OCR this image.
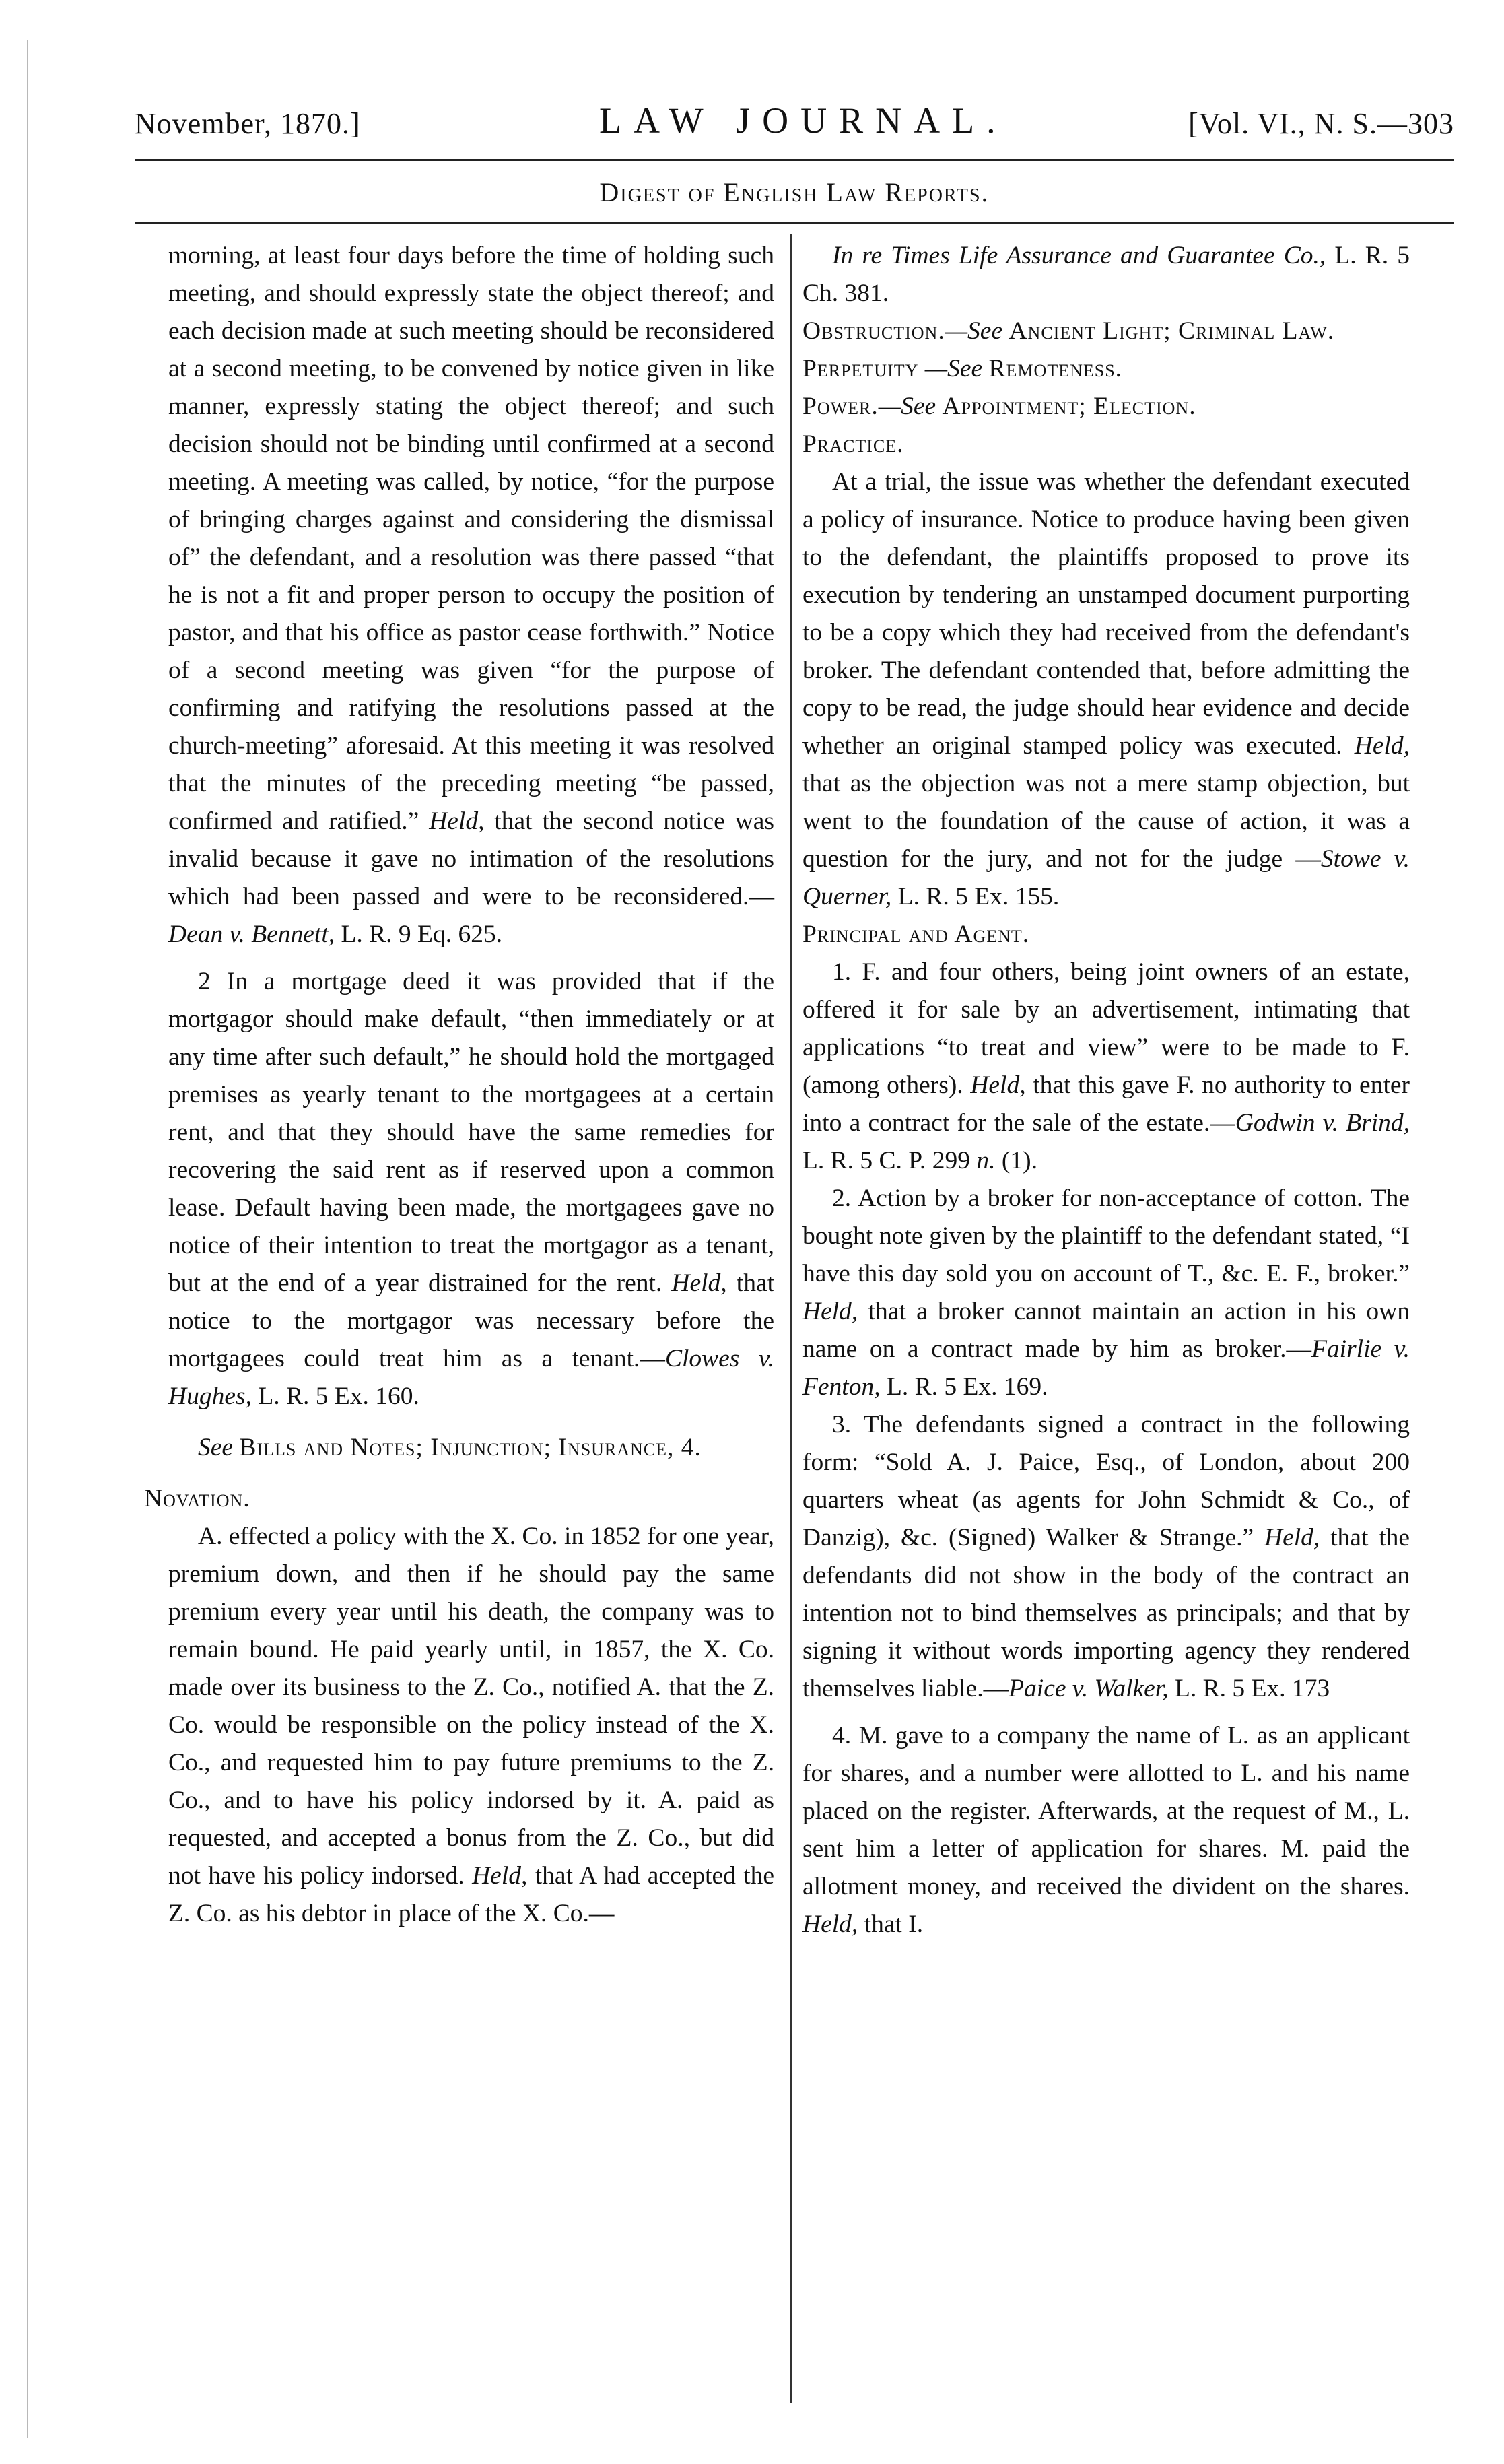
November, 1870.]	LAW JOURNAL.	[Vol. VI., N. S.—303
Digest of English Law Reports.

morning, at least four days before the time of holding such meeting, and should expressly state the object thereof; and each decision made at such meeting should be reconsidered at a second meeting, to be convened by notice given in like manner, expressly stating the object thereof; and such decision should not be binding until confirmed at a second meeting. A meeting was called, by notice, “for the purpose of bringing charges against and considering the dismissal of” the defendant, and a resolution was there passed “that he is not a fit and proper person to occupy the position of pastor, and that his office as pastor cease forthwith.” Notice of a second meeting was given “for the purpose of confirming and ratifying the resolutions passed at the church-meeting” aforesaid. At this meeting it was resolved that the minutes of the preceding meeting “be passed, confirmed and ratified.” Held, that the second notice was invalid because it gave no intimation of the resolutions which had been passed and were to be reconsidered.—Dean v. Bennett, L. R. 9 Eq. 625.

2 In a mortgage deed it was provided that if the mortgagor should make default, “then immediately or at any time after such default,” he should hold the mortgaged premises as yearly tenant to the mortgagees at a certain rent, and that they should have the same remedies for recovering the said rent as if reserved upon a common lease. Default having been made, the mortgagees gave no notice of their intention to treat the mortgagor as a tenant, but at the end of a year distrained for the rent. Held, that notice to the mortgagor was necessary before the mortgagees could treat him as a tenant.—Clowes v. Hughes, L. R. 5 Ex. 160.

See Bills and Notes; Injunction; Insurance, 4.

Novation.

A. effected a policy with the X. Co. in 1852 for one year, premium down, and then if he should pay the same premium every year until his death, the company was to remain bound. He paid yearly until, in 1857, the X. Co. made over its business to the Z. Co., notified A. that the Z. Co. would be responsible on the policy instead of the X. Co., and requested him to pay future premiums to the Z. Co., and to have his policy indorsed by it. A. paid as requested, and accepted a bonus from the Z. Co., but did not have his policy indorsed. Held, that A had accepted the Z. Co. as his debtor in place of the X. Co.—

In re Times Life Assurance and Guarantee Co., L. R. 5 Ch. 381.

Obstruction.—See Ancient Light; Criminal Law.

Perpetuity —See Remoteness.

Power.—See Appointment; Election.

Practice.

At a trial, the issue was whether the defendant executed a policy of insurance. Notice to produce having been given to the defendant, the plaintiffs proposed to prove its execution by tendering an unstamped document purporting to be a copy which they had received from the defendant's broker. The defendant contended that, before admitting the copy to be read, the judge should hear evidence and decide whether an original stamped policy was executed. Held, that as the objection was not a mere stamp objection, but went to the foundation of the cause of action, it was a question for the jury, and not for the judge —Stowe v. Querner, L. R. 5 Ex. 155.

Principal and Agent.

1. F. and four others, being joint owners of an estate, offered it for sale by an advertisement, intimating that applications “to treat and view” were to be made to F. (among others). Held, that this gave F. no authority to enter into a contract for the sale of the estate.—Godwin v. Brind, L. R. 5 C. P. 299 n. (1).

2. Action by a broker for non-acceptance of cotton. The bought note given by the plaintiff to the defendant stated, “I have this day sold you on account of T., &c. E. F., broker.” Held, that a broker cannot maintain an action in his own name on a contract made by him as broker.—Fairlie v. Fenton, L. R. 5 Ex. 169.

3. The defendants signed a contract in the following form: “Sold A. J. Paice, Esq., of London, about 200 quarters wheat (as agents for John Schmidt & Co., of Danzig), &c. (Signed) Walker & Strange.” Held, that the defendants did not show in the body of the contract an intention not to bind themselves as principals; and that by signing it without words importing agency they rendered themselves liable.—Paice v. Walker, L. R. 5 Ex. 173

4. M. gave to a company the name of L. as an applicant for shares, and a number were allotted to L. and his name placed on the register. Afterwards, at the request of M., L. sent him a letter of application for shares. M. paid the allotment money, and received the divident on the shares. Held, that I.
